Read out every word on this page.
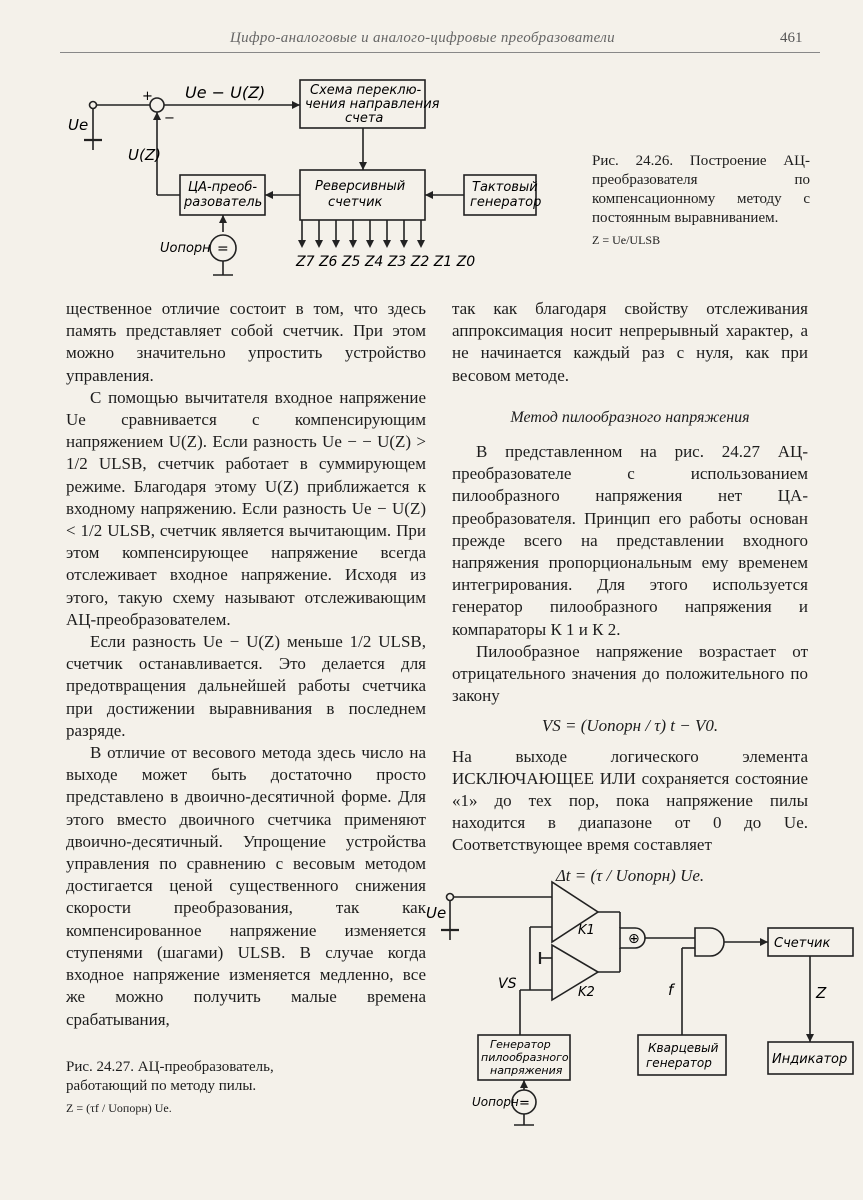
Цифро-аналоговые и аналого-цифровые преобразователи	461
Ue
+
−
Ue − U(Z)
U(Z)
Схема переклю-
чения направления
счета
Реверсивный
счетчик
Тактовый
генератор
ЦА-преоб-
разователь
Uопорн =
Z7 Z6 Z5 Z4 Z3 Z2 Z1 Z0
Рис. 24.26. Построение АЦ-преобразователя по компенсационному методу с постоянным выравниванием.
Z = Ue/ULSB

щественное отличие состоит в том, что здесь память представляет собой счетчик. При этом можно значительно упростить устройство управления.

С помощью вычитателя входное напряжение Ue сравнивается с компенсирующим напряжением U(Z). Если разность Ue − − U(Z) > 1/2 ULSB, счетчик работает в суммирующем режиме. Благодаря этому U(Z) приближается к входному напряжению. Если разность Ue − U(Z) < 1/2 ULSB, счетчик является вычитающим. При этом компенсирующее напряжение всегда отслеживает входное напряжение. Исходя из этого, такую схему называют отслеживающим АЦ-преобразователем.

Если разность Ue − U(Z) меньше 1/2 ULSB, счетчик останавливается. Это делается для предотвращения дальнейшей работы счетчика при достижении выравнивания в последнем разряде.

В отличие от весового метода здесь число на выходе может быть достаточно просто представлено в двоично-десятичной форме. Для этого вместо двоичного счетчика применяют двоично-десятичный. Упрощение устройства управления по сравнению с весовым методом достигается ценой существенного снижения скорости преобразования, так как компенсированное напряжение изменяется ступенями (шагами) ULSB. В случае когда входное напряжение изменяется медленно, все же можно получить малые времена срабатывания,

так как благодаря свойству отслеживания аппроксимация носит непрерывный характер, а не начинается каждый раз с нуля, как при весовом методе.

Метод пилообразного напряжения

В представленном на рис. 24.27 АЦ-преобразователе с использованием пилообразного напряжения нет ЦА-преобразователя. Принцип его работы основан прежде всего на представлении входного напряжения пропорциональным ему временем интегрирования. Для этого используется генератор пилообразного напряжения и компараторы К 1 и К 2.

Пилообразное напряжение возрастает от отрицательного значения до положительного по закону

VS = (Uопорн / τ) t − V0.

На выходе логического элемента ИСКЛЮЧАЮЩЕЕ ИЛИ сохраняется состояние «1» до тех пор, пока напряжение пилы находится в диапазоне от 0 до Ue. Соответствующее время составляет

Δt = (τ / Uопорн) Ue.

Ue
VS
K1
K2
⊕
f	Z
Счетчик
Индикатор
Кварцевый
генератор
Генератор
пилообразного
напряжения
Uопорн =
Рис. 24.27. АЦ-преобразователь, работающий по методу пилы.
Z = (τf / Uопорн) Ue.
